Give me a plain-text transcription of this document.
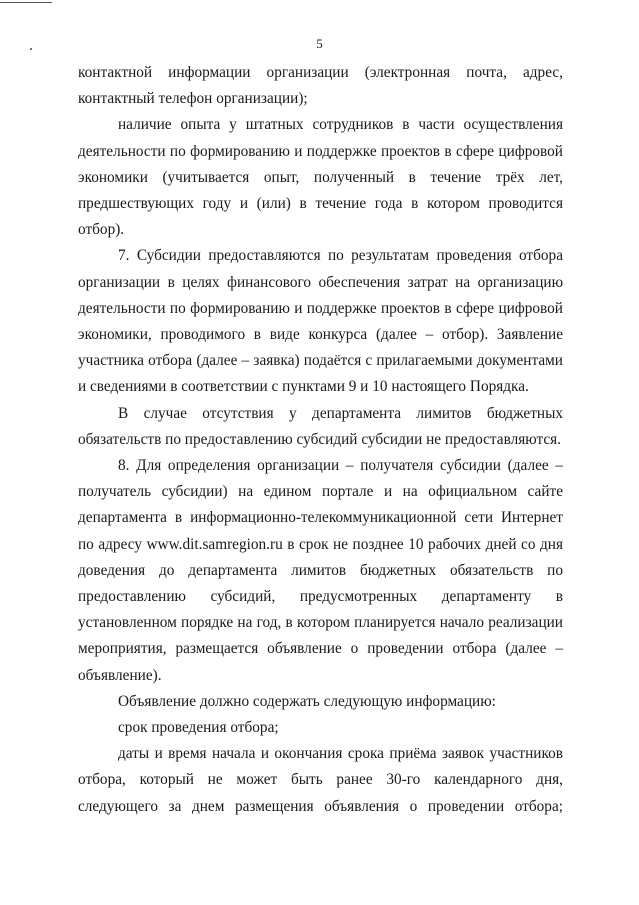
5

контактной информации организации (электронная почта, адрес, контактный телефон организации);

наличие опыта у штатных сотрудников в части осуществления деятельности по формированию и поддержке проектов в сфере цифровой экономики (учитывается опыт, полученный в течение трёх лет, предшествующих году и (или) в течение года в котором проводится отбор).

7. Субсидии предоставляются по результатам проведения отбора организации в целях финансового обеспечения затрат на организацию деятельности по формированию и поддержке проектов в сфере цифровой экономики, проводимого в виде конкурса (далее – отбор). Заявление участника отбора (далее – заявка) подаётся с прилагаемыми документами и сведениями в соответствии с пунктами 9 и 10 настоящего Порядка.

В случае отсутствия у департамента лимитов бюджетных обязательств по предоставлению субсидий субсидии не предоставляются.

8. Для определения организации – получателя субсидии (далее – получатель субсидии) на едином портале и на официальном сайте департамента в информационно-телекоммуникационной сети Интернет по адресу www.dit.samregion.ru в срок не позднее 10 рабочих дней со дня доведения до департамента лимитов бюджетных обязательств по предоставлению субсидий, предусмотренных департаменту в установленном порядке на год, в котором планируется начало реализации мероприятия, размещается объявление о проведении отбора (далее – объявление).

Объявление должно содержать следующую информацию:

срок проведения отбора;

даты и время начала и окончания срока приёма заявок участников отбора, который не может быть ранее 30-го календарного дня, следующего за днем размещения объявления о проведении отбора;
